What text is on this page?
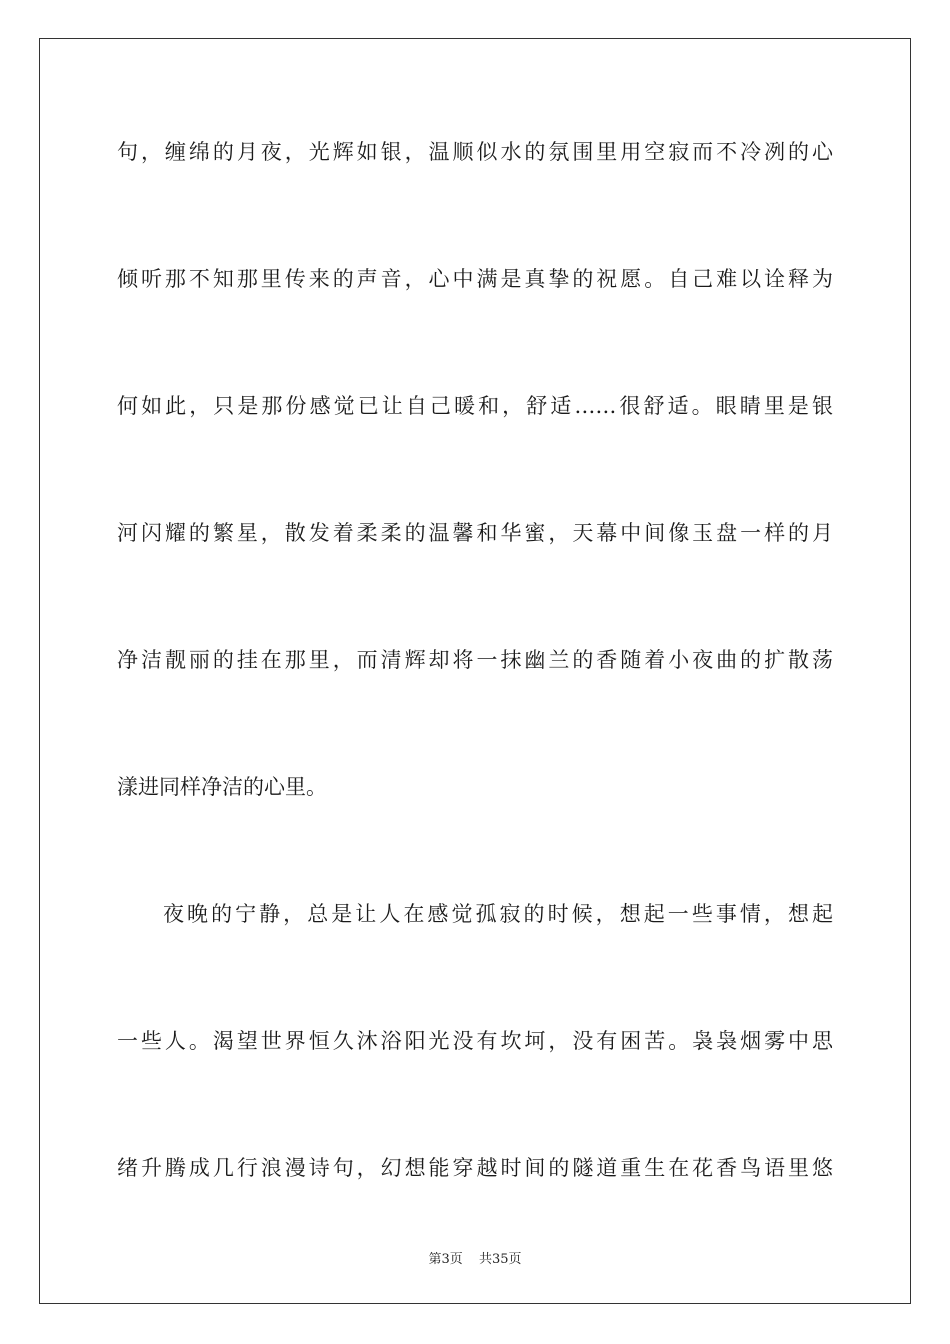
句，缠绵的月夜，光辉如银，温顺似水的氛围里用空寂而不冷冽的心

倾听那不知那里传来的声音，心中满是真挚的祝愿。自己难以诠释为

何如此，只是那份感觉已让自己暖和，舒适……很舒适。眼睛里是银

河闪耀的繁星，散发着柔柔的温馨和华蜜，天幕中间像玉盘一样的月

净洁靓丽的挂在那里，而清辉却将一抹幽兰的香随着小夜曲的扩散荡

漾进同样净洁的心里。

夜晚的宁静，总是让人在感觉孤寂的时候，想起一些事情，想起

一些人。渴望世界恒久沐浴阳光没有坎坷，没有困苦。袅袅烟雾中思

绪升腾成几行浪漫诗句，幻想能穿越时间的隧道重生在花香鸟语里悠

第3页 共35页
